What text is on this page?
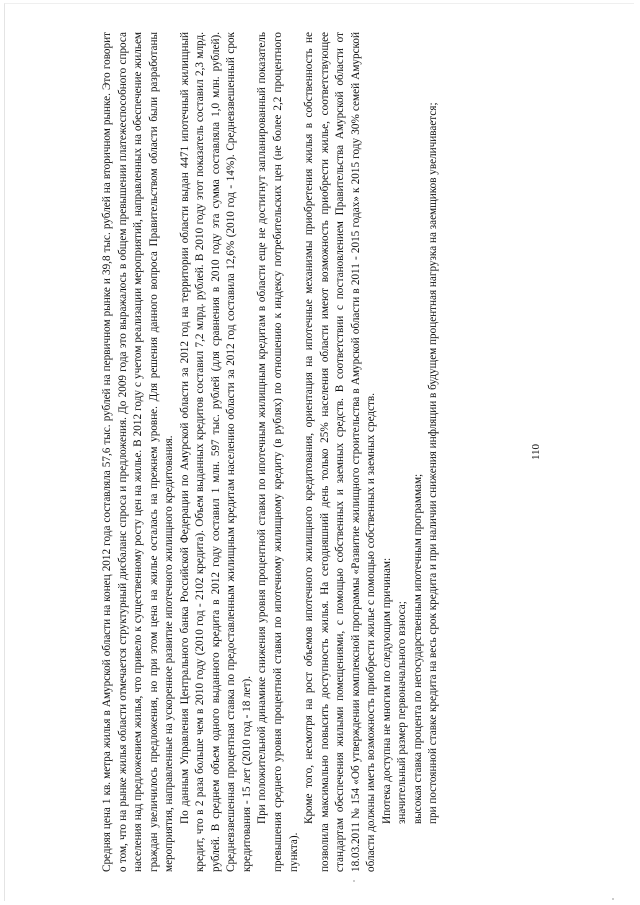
110

Средняя цена 1 кв. метра жилья в Амурской области на конец 2012 года составляла 57,6 тыс. рублей на первичном рынке и 39,8 тыс. рублей на вторичном рынке. Это говорит о том, что на рынке жилья области отмечается структурный дисбаланс спроса и предложения. До 2009 года это выражалось в общем превышении платежеспособного спроса населения над предложением жилья, что привело к существенному росту цен на жилье. В 2012 году с учетом реализации мероприятий, направленных на обеспечение жильем граждан увеличилось предложения, но при этом цена на жилье осталась на прежнем уровне. Для решения данного вопроса Правительством области были разработаны мероприятия, направленные на ускоренное развитие ипотечного жилищного кредитования. По данным Управления Центрального банка Российской Федерации по Амурской области за 2012 год на территории области выдан 4471 ипотечный жилищный кредит, что в 2 раза больше чем в 2010 году (2010 год - 2102 кредита). Объем выданных кредитов составил 7,2 млрд. рублей. В 2010 году этот показатель составил 2,3 млрд. рублей. В среднем объем одного выданного кредита в 2012 году составил 1 млн. 597 тыс. рублей (для сравнения в 2010 году эта сумма составляла 1,0 млн. рублей). Средневзвешенная процентная ставка по предоставленным жилищным кредитам населению области за 2012 год составила 12,6% (2010 год - 14%). Средневзвешенный срок кредитования - 15 лет (2010 год - 18 лет). При положительной динамике снижения уровня процентной ставки по ипотечным жилищным кредитам в области еще не достигнут запланированный показатель превышения среднего уровня процентной ставки по ипотечному жилищному кредиту (в рублях) по отношению к индексу потребительских цен (не более 2,2 процентного пункта).

Кроме того, несмотря на рост объемов ипотечного жилищного кредитования, ориентация на ипотечные механизмы приобретения жилья в собственность не позволила максимально повысить доступность жилья. На сегодняшний день только 25% населения области имеют возможность приобрести жилье, соответствующее стандартам обеспечения жилыми помещениями, с помощью собственных и заемных средств. В соответствии с постановлением Правительства Амурской области от 18.03.2011 № 154 «Об утверждении комплексной программы «Развитие жилищного строительства в Амурской области в 2011 - 2015 годах» к 2015 году 30% семей Амурской области должны иметь возможность приобрести жилье с помощью собственных и заемных средств. Ипотека доступна не многим по следующим причинам: значительный размер первоначального взноса; высокая ставка процента по негосударственным ипотечным программам; при постоянной ставке кредита на весь срок кредита и при наличии снижения инфляции в будущем процентная нагрузка на заемщиков увеличивается;
